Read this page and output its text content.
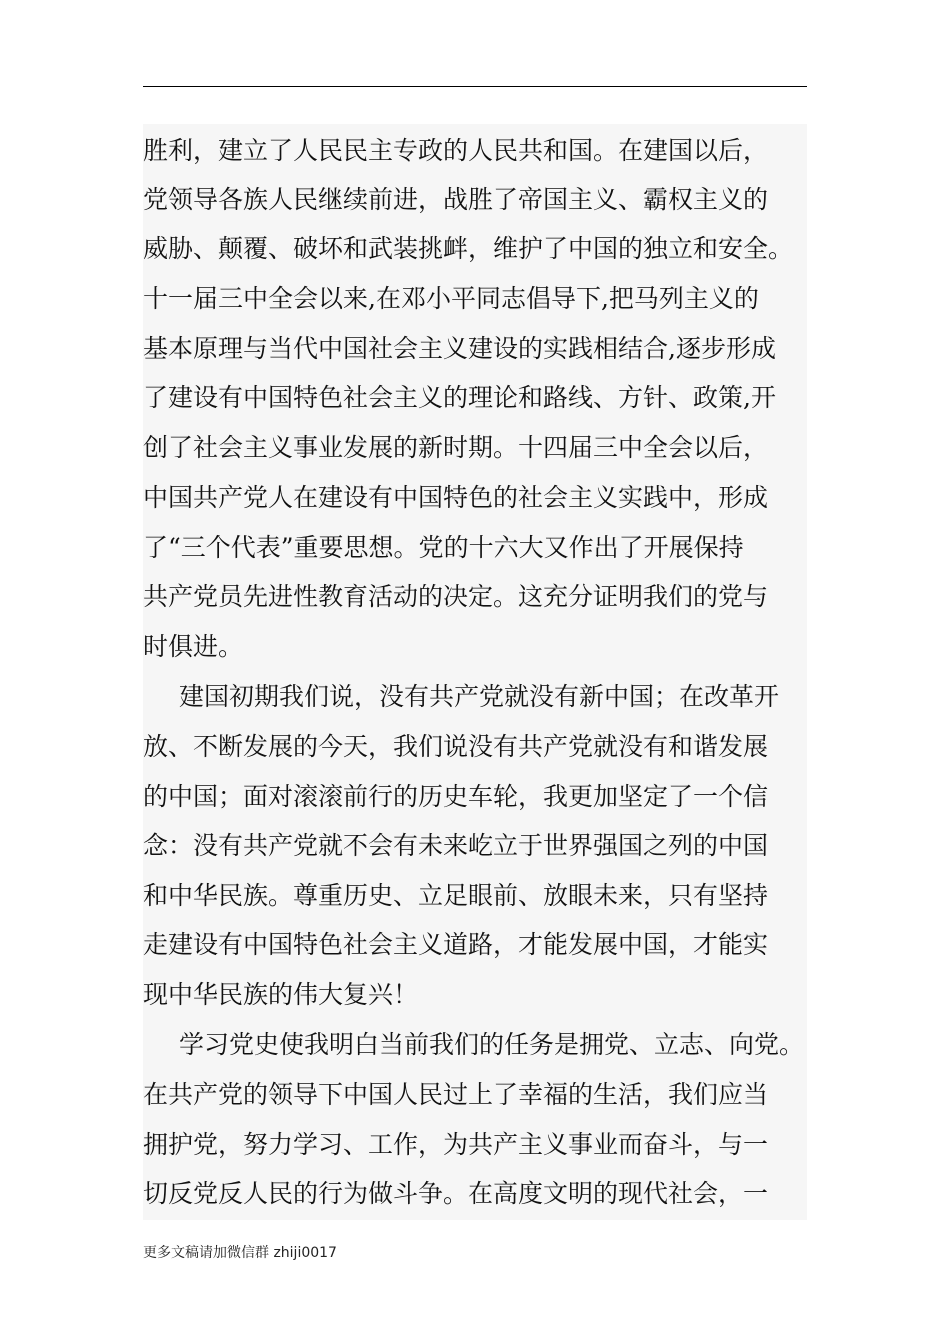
胜利，建立了人民民主专政的人民共和国。在建国以后，
党领导各族人民继续前进，战胜了帝国主义、霸权主义的
威胁、颠覆、破坏和武装挑衅，维护了中国的独立和安全。
十一届三中全会以来,在邓小平同志倡导下,把马列主义的
基本原理与当代中国社会主义建设的实践相结合,逐步形成
了建设有中国特色社会主义的理论和路线、方针、政策,开
创了社会主义事业发展的新时期。十四届三中全会以后，
中国共产党人在建设有中国特色的社会主义实践中，形成
了“三个代表”重要思想。党的十六大又作出了开展保持
共产党员先进性教育活动的决定。这充分证明我们的党与
时俱进。
建国初期我们说，没有共产党就没有新中国；在改革开
放、不断发展的今天，我们说没有共产党就没有和谐发展
的中国；面对滚滚前行的历史车轮，我更加坚定了一个信
念：没有共产党就不会有未来屹立于世界强国之列的中国
和中华民族。尊重历史、立足眼前、放眼未来，只有坚持
走建设有中国特色社会主义道路，才能发展中国，才能实
现中华民族的伟大复兴！
学习党史使我明白当前我们的任务是拥党、立志、向党。
在共产党的领导下中国人民过上了幸福的生活，我们应当
拥护党，努力学习、工作，为共产主义事业而奋斗，与一
切反党反人民的行为做斗争。在高度文明的现代社会，一
更多文稿请加微信群 zhiji0017
